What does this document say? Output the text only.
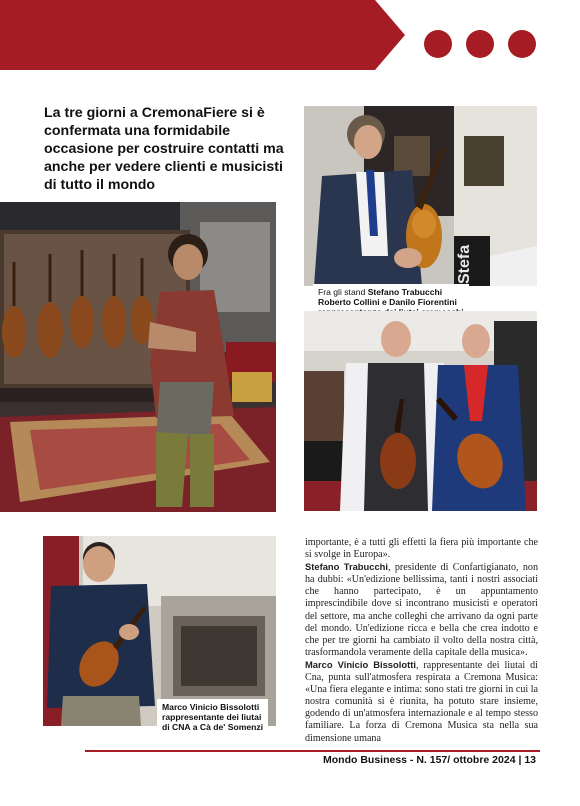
La tre giorni a CremonaFiere si è confermata una formidabile occasione per costruire contatti ma anche per vedere clienti e musicisti di tutto il mondo
Stefa
Fra gli stand Stefano Trabucchi
Roberto Collini e Danilo Fiorentini
Marco Vinicio Bissolotti
rappresentante dei liutai
di CNA a Cà de' Somenzi

importante, è a tutti gli effetti la fiera più importante che si svolge in Europa».

Stefano Trabucchi, presidente di Confartigianato, non ha dubbi: «Un'edizione bellissima, tanti i nostri associati che hanno partecipato, è un appuntamento imprescindibile dove si incontrano musicisti e operatori del settore, ma anche colleghi che arrivano da ogni parte del mondo. Un'edizione ricca e bella che crea indotto e che per tre giorni ha cambiato il volto della nostra città, trasformandola veramente della capitale della musica».

Marco Vinicio Bissolotti, rappresentante dei liutai di Cna, punta sull'atmosfera respirata a Cremona Musica: «Una fiera elegante e intima: sono stati tre giorni in cui la nostra comunità si è riunita, ha potuto stare insieme, godendo di un'atmosfera internazionale e al tempo stesso familiare. La forza di Cremona Musica sta nella sua dimensione umana

Mondo Business - N. 157/ ottobre 2024 | 13
